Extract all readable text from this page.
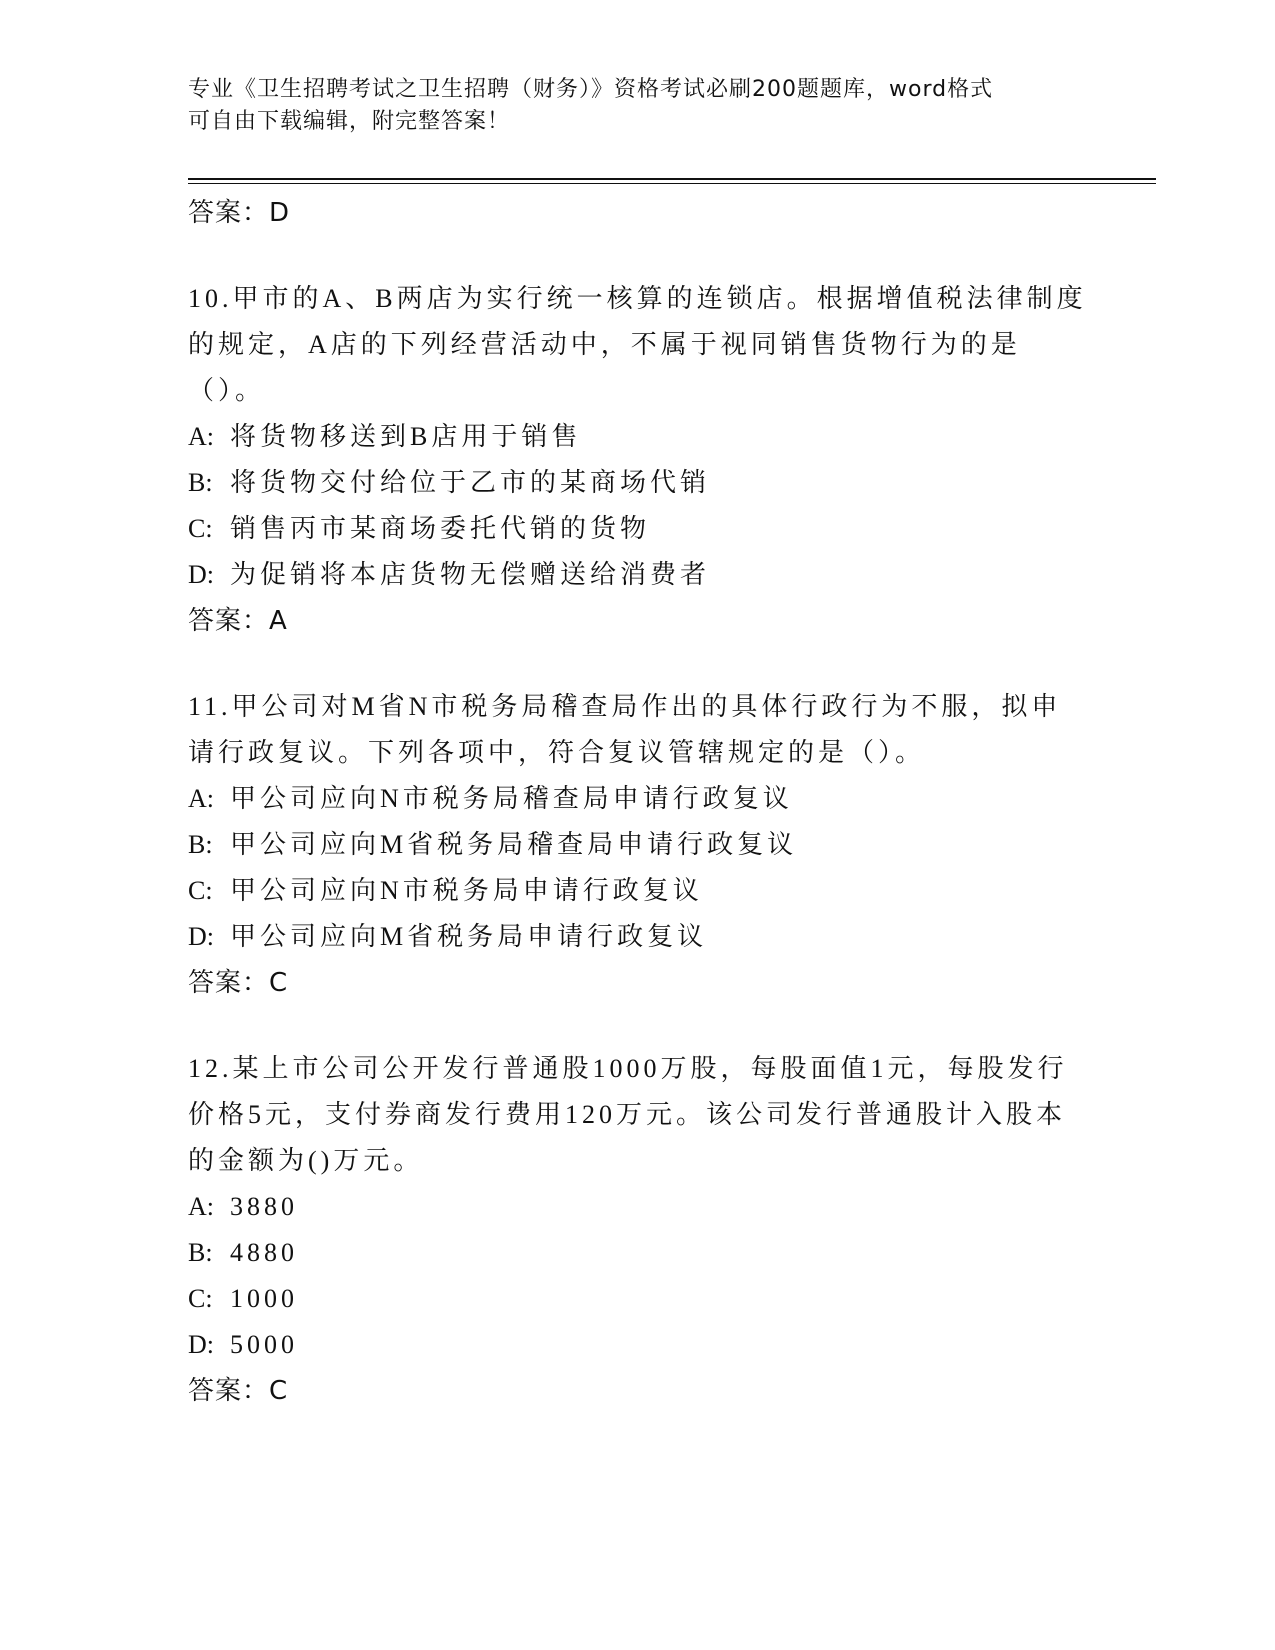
专业《卫生招聘考试之卫生招聘（财务）》资格考试必刷200题题库，word格式
可自由下载编辑，附完整答案！
答案：D
10.甲市的A、B两店为实行统一核算的连锁店。根据增值税法律制度的规定，A店的下列经营活动中，不属于视同销售货物行为的是（）。
A: 将货物移送到B店用于销售
B: 将货物交付给位于乙市的某商场代销
C: 销售丙市某商场委托代销的货物
D: 为促销将本店货物无偿赠送给消费者
答案：A
11.甲公司对M省N市税务局稽查局作出的具体行政行为不服，拟申请行政复议。下列各项中，符合复议管辖规定的是（）。
A: 甲公司应向N市税务局稽查局申请行政复议
B: 甲公司应向M省税务局稽查局申请行政复议
C: 甲公司应向N市税务局申请行政复议
D: 甲公司应向M省税务局申请行政复议
答案：C
12.某上市公司公开发行普通股1000万股，每股面值1元，每股发行价格5元，支付券商发行费用120万元。该公司发行普通股计入股本的金额为()万元。
A: 3880
B: 4880
C: 1000
D: 5000
答案：C
